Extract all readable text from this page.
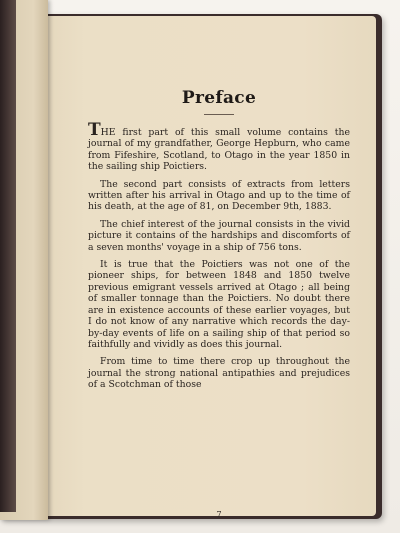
Preface

THE first part of this small volume contains the journal of my grandfather, George Hepburn, who came from Fifeshire, Scotland, to Otago in the year 1850 in the sailing ship Poictiers.

The second part consists of extracts from letters written after his arrival in Otago and up to the time of his death, at the age of 81, on December 9th, 1883.

The chief interest of the journal consists in the vivid picture it contains of the hardships and discomforts of a seven months' voyage in a ship of 756 tons.

It is true that the Poictiers was not one of the pioneer ships, for between 1848 and 1850 twelve previous emigrant vessels arrived at Otago ; all being of smaller tonnage than the Poictiers. No doubt there are in existence accounts of these earlier voyages, but I do not know of any narrative which records the day-by-day events of life on a sailing ship of that period so faithfully and vividly as does this journal.

From time to time there crop up throughout the journal the strong national antipathies and prejudices of a Scotchman of those

7
